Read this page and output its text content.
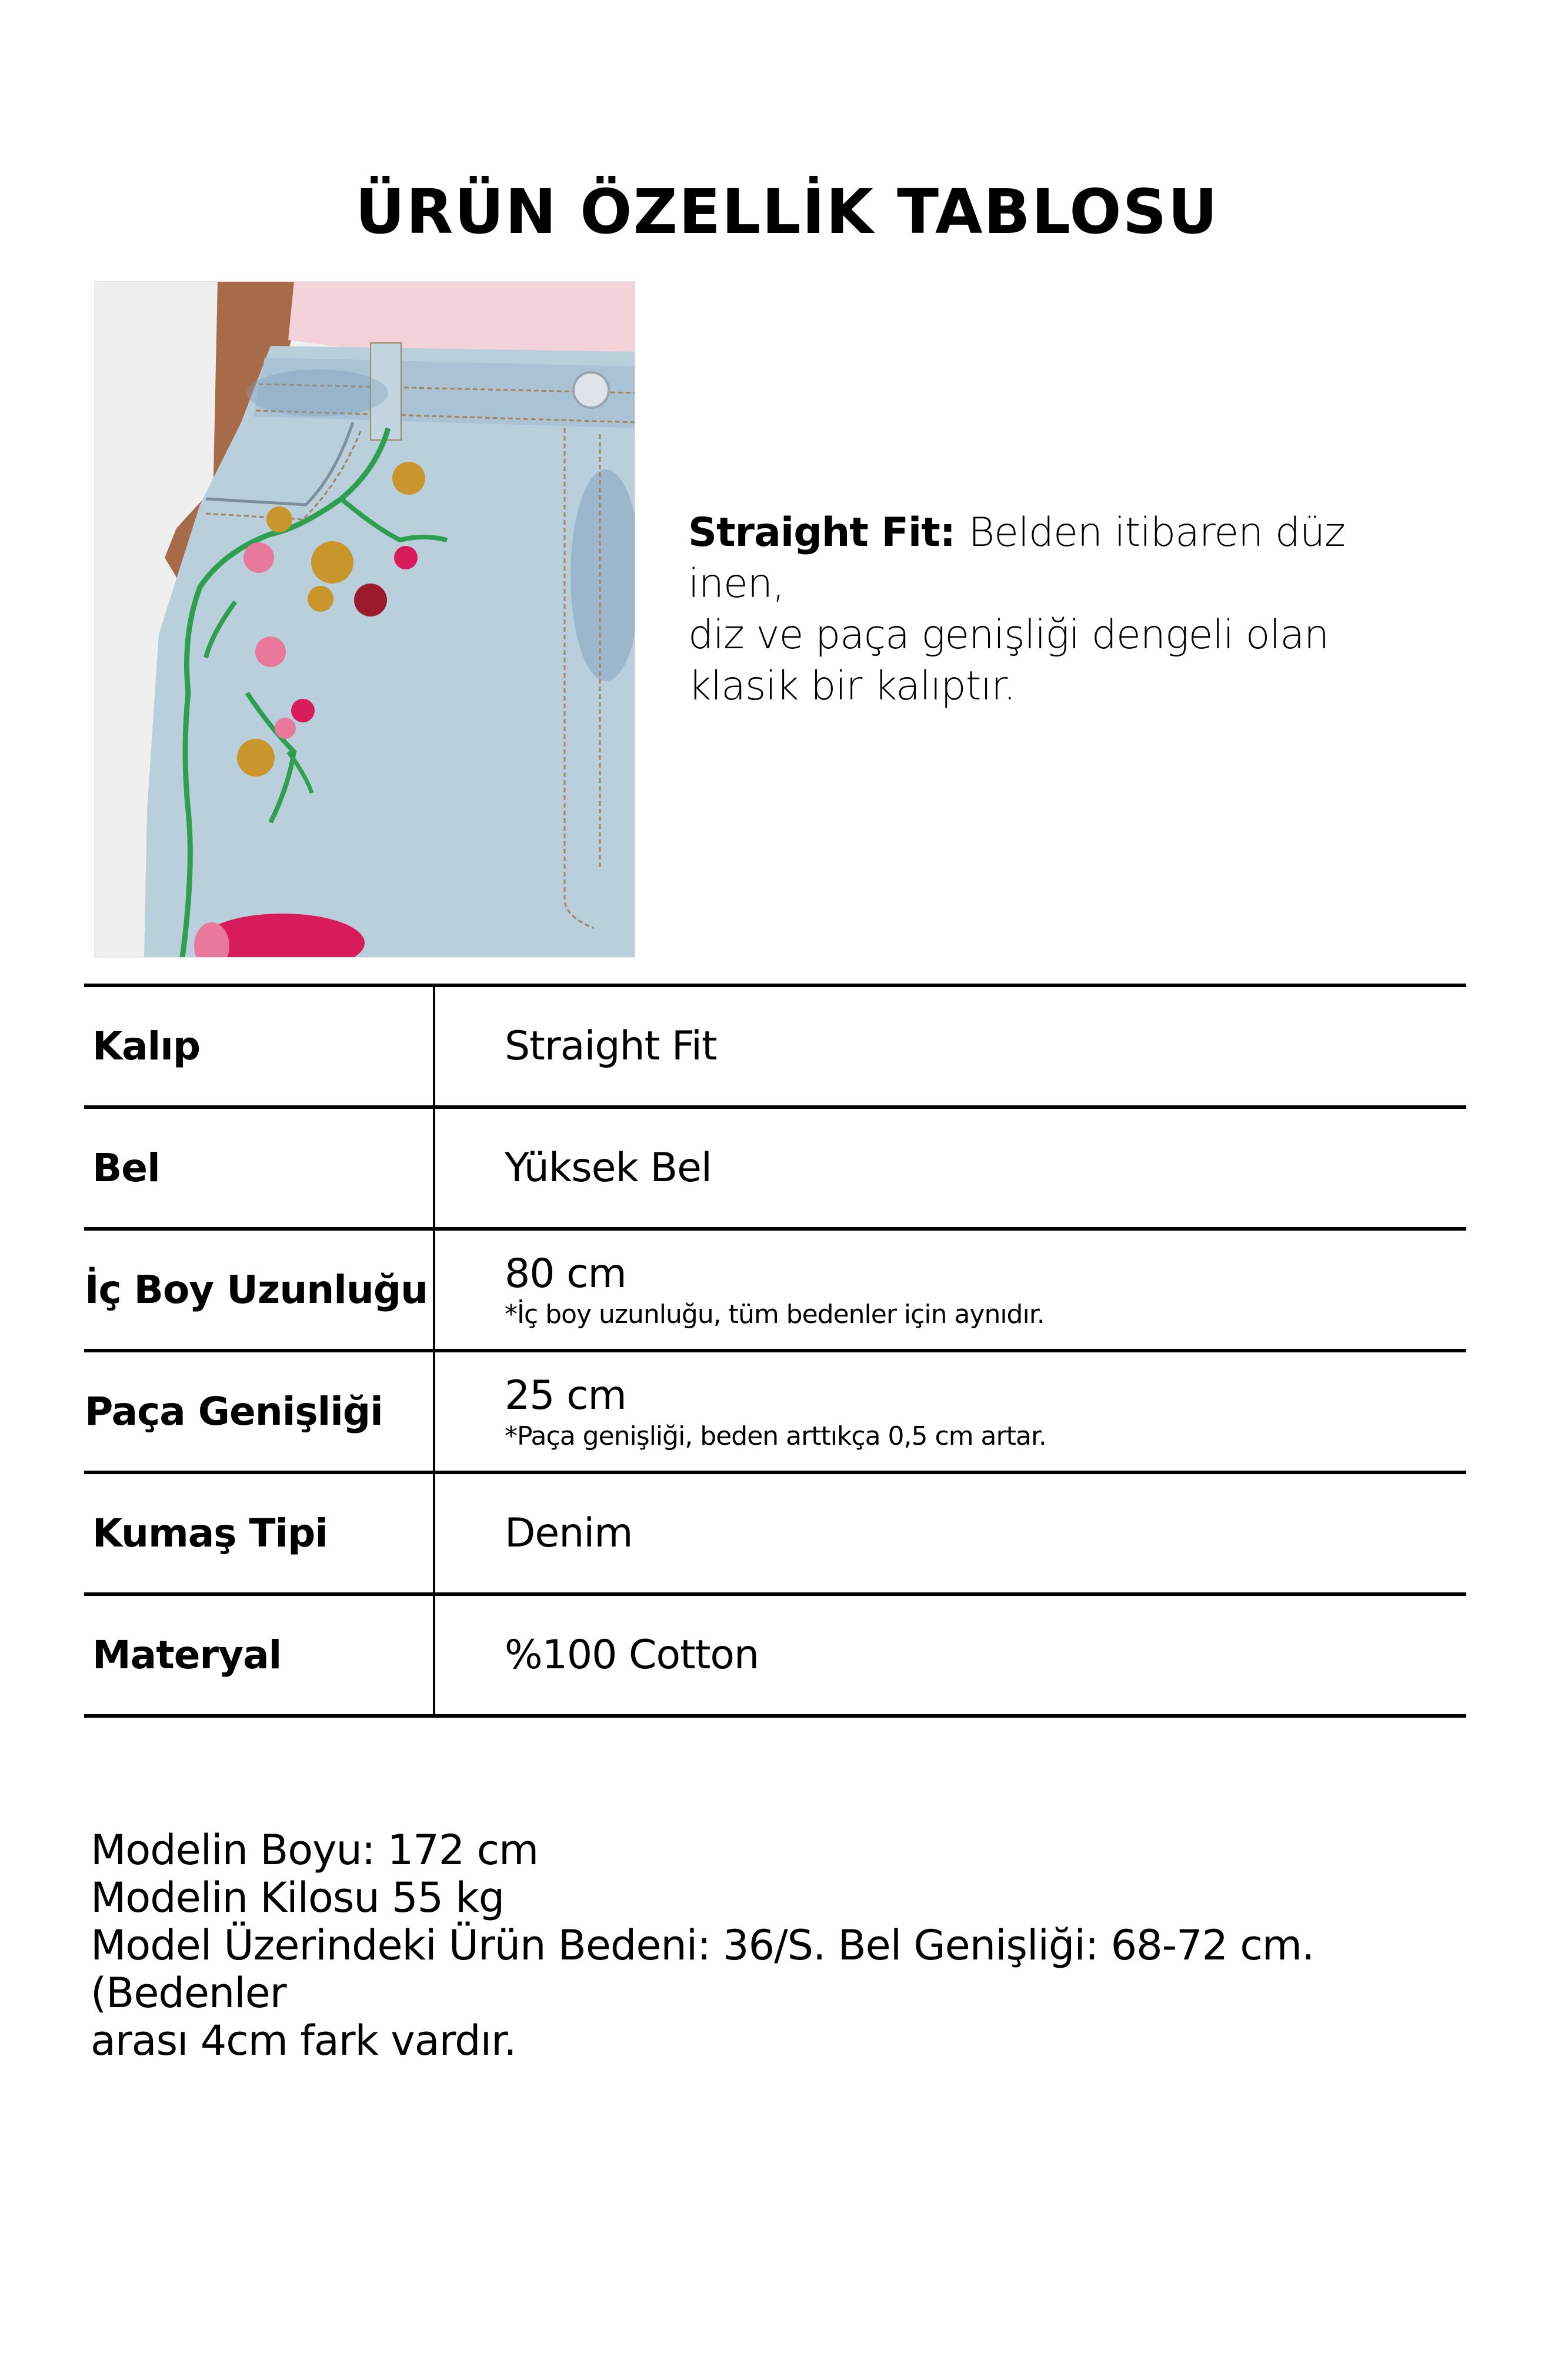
ÜRÜN ÖZELLİK TABLOSU
Straight Fit: Belden itibaren düz inen,
diz ve paça genişliği dengeli olan
klasik bir kalıptır.
Kalıp	Straight Fit
Bel	Yüksek Bel
İç Boy Uzunluğu 80 cm
*İç boy uzunluğu, tüm bedenler için aynıdır.
Paça Genişliği	25 cm
*Paça genişliği, beden arttıkça 0,5 cm artar.
Kumaş Tipi	Denim
Materyal	%100 Cotton
Modelin Boyu: 172 cm
Modelin Kilosu 55 kg
Model Üzerindeki Ürün Bedeni: 36/S. Bel Genişliği: 68-72 cm. (Bedenler
arası 4cm fark vardır.
